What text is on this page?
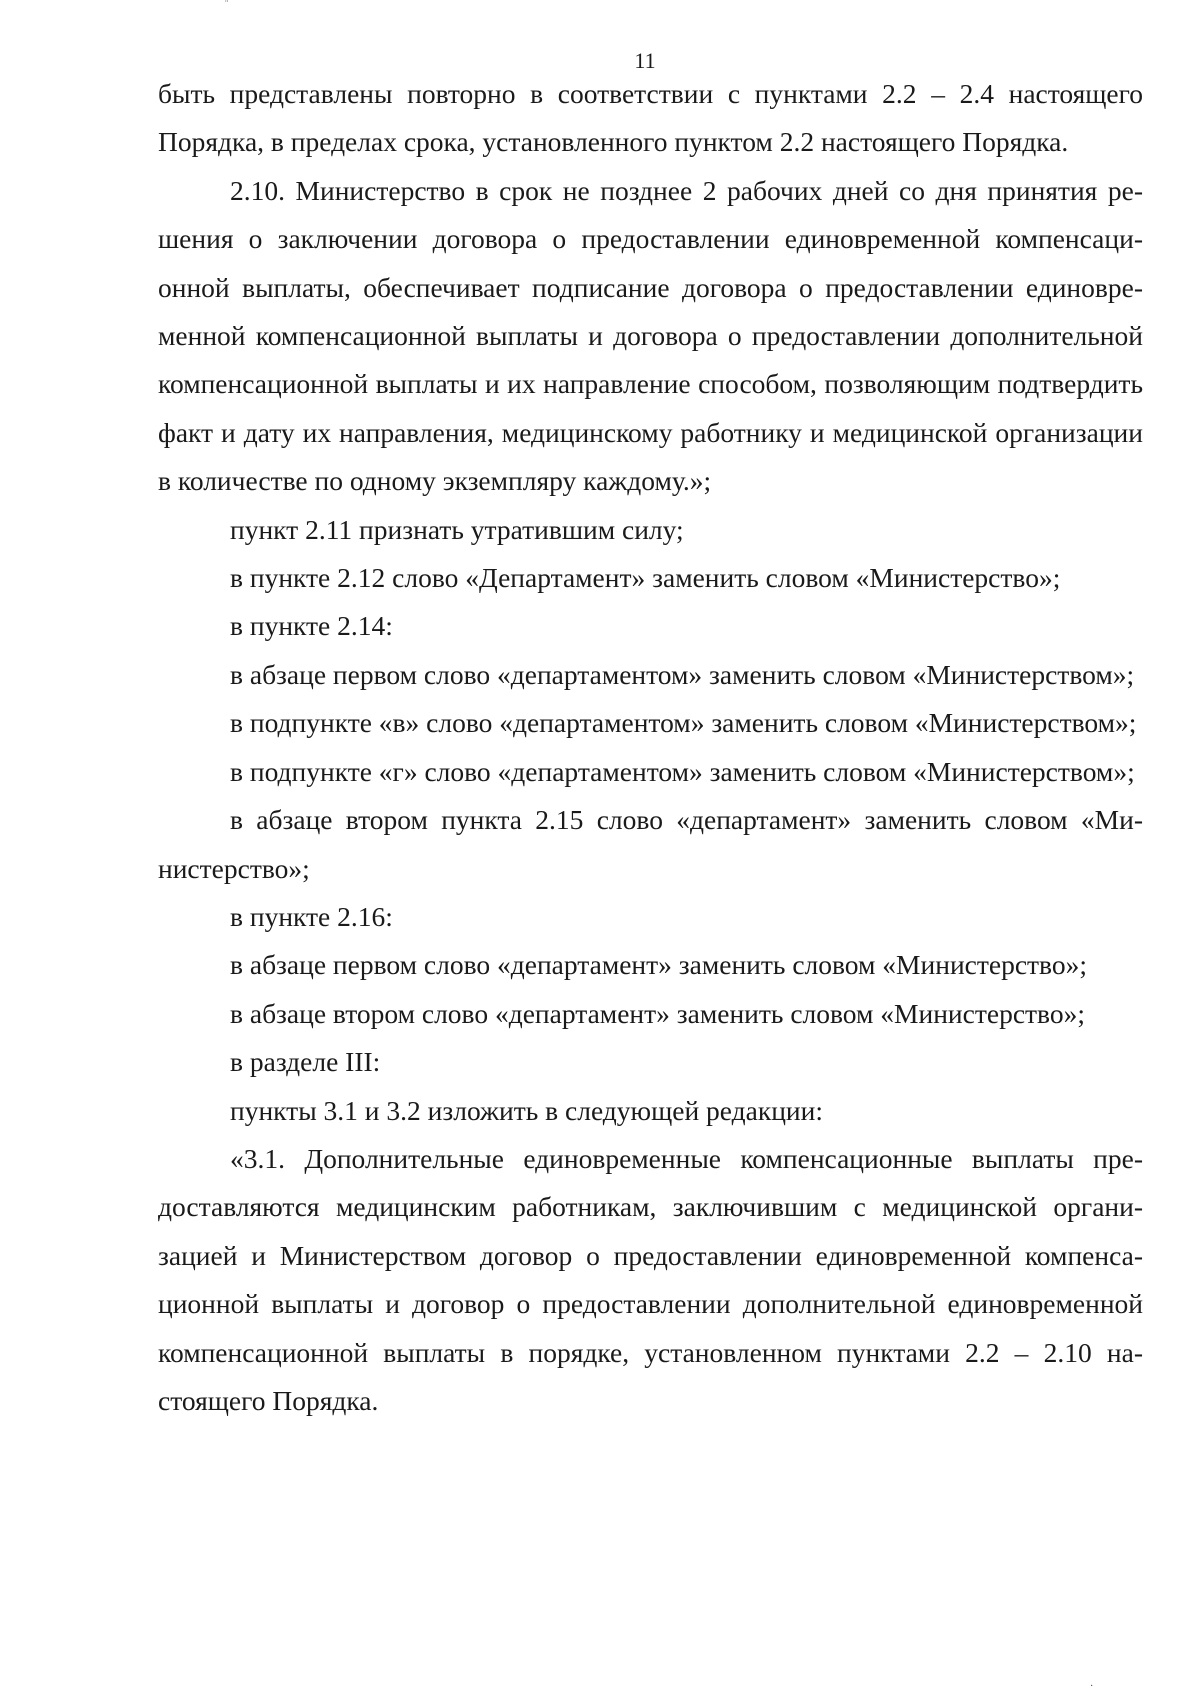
¨
11

быть представлены повторно в соответствии с пунктами 2.2 – 2.4 настоящего Порядка, в пределах срока, установленного пунктом 2.2 настоящего Порядка.

2.10. Министерство в срок не позднее 2 рабочих дней со дня принятия решения о заключении договора о предоставлении единовременной компенсационной выплаты, обеспечивает подписание договора о предоставлении единовременной компенсационной выплаты и договора о предоставлении дополнительной компенсационной выплаты и их направление способом, позволяющим подтвердить факт и дату их направления, медицинскому работнику и медицинской организации в количестве по одному экземпляру каждому.»;

пункт 2.11 признать утратившим силу;

в пункте 2.12 слово «Департамент» заменить словом «Министерство»;

в пункте 2.14:

в абзаце первом слово «департаментом» заменить словом «Министерством»;

в подпункте «в» слово «департаментом» заменить словом «Министерством»;

в подпункте «г» слово «департаментом» заменить словом «Министерством»;

в абзаце втором пункта 2.15 слово «департамент» заменить словом «Министерство»;

в пункте 2.16:

в абзаце первом слово «департамент» заменить словом «Министерство»;

в абзаце втором слово «департамент» заменить словом «Министерство»;

в разделе III:

пункты 3.1 и 3.2 изложить в следующей редакции:

«3.1. Дополнительные единовременные компенсационные выплаты предоставляются медицинским работникам, заключившим с медицинской организацией и Министерством договор о предоставлении единовременной компенсационной выплаты и договор о предоставлении дополнительной единовременной компенсационной выплаты в порядке, установленном пунктами 2.2 – 2.10 настоящего Порядка.

·
